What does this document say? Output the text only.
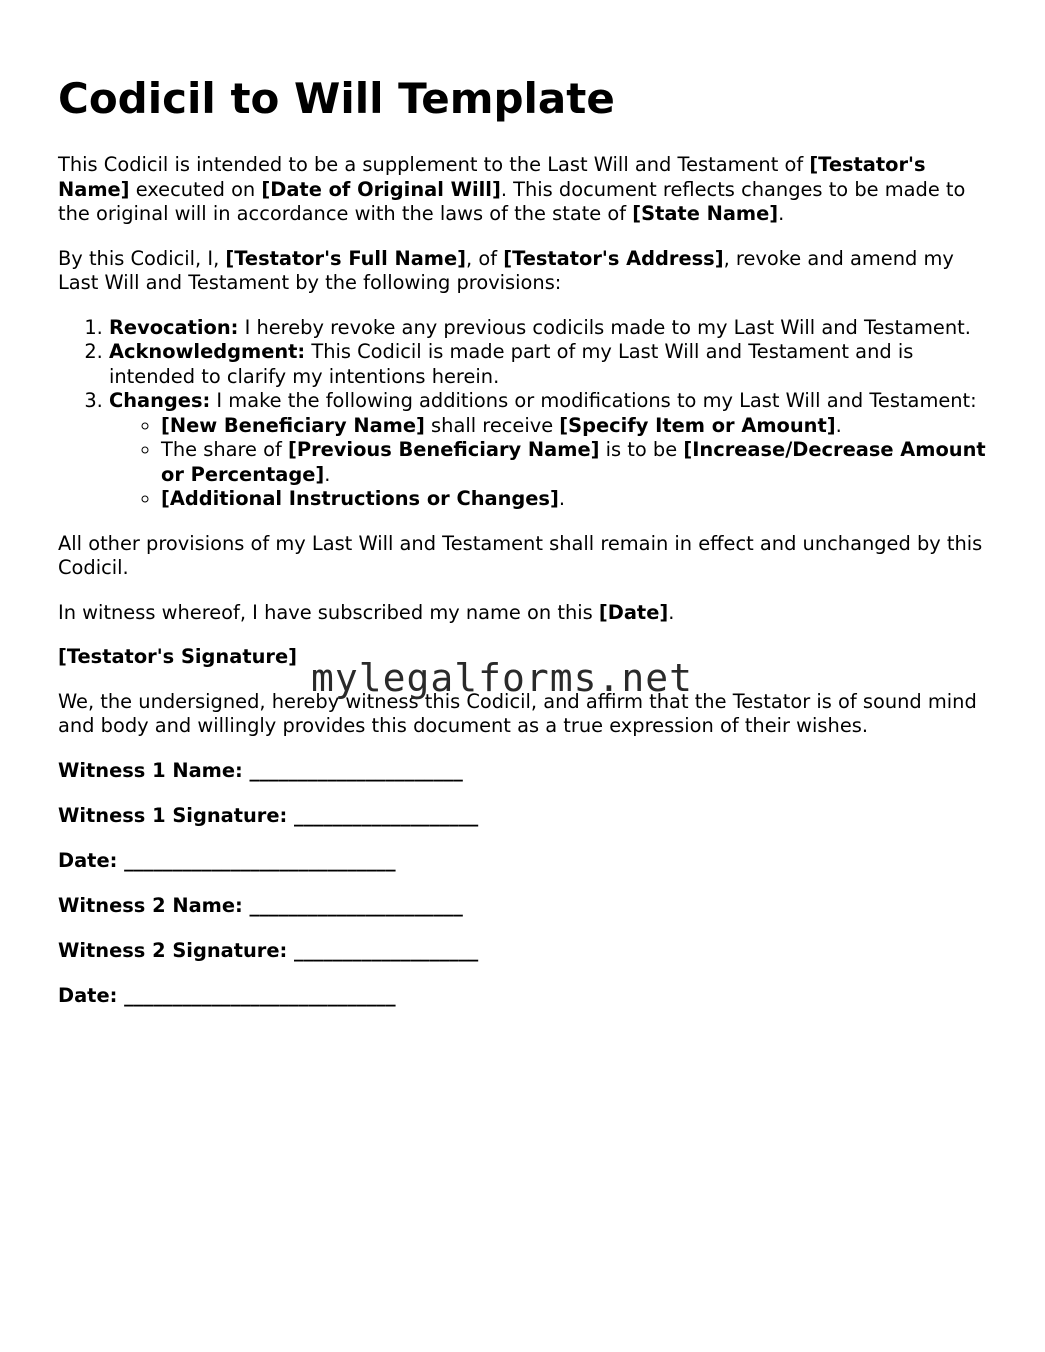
Codicil to Will Template

This Codicil is intended to be a supplement to the Last Will and Testament of [Testator's Name] executed on [Date of Original Will]. This document reflects changes to be made to the original will in accordance with the laws of the state of [State Name].

By this Codicil, I, [Testator's Full Name], of [Testator's Address], revoke and amend my Last Will and Testament by the following provisions:

1. Revocation: I hereby revoke any previous codicils made to my Last Will and Testament.
2. Acknowledgment: This Codicil is made part of my Last Will and Testament and is intended to clarify my intentions herein.
3. Changes: I make the following additions or modifications to my Last Will and Testament:
◦ [New Beneficiary Name] shall receive [Specify Item or Amount].
◦ The share of [Previous Beneficiary Name] is to be [Increase/Decrease Amount or Percentage].
◦ [Additional Instructions or Changes].

All other provisions of my Last Will and Testament shall remain in effect and unchanged by this Codicil.

In witness whereof, I have subscribed my name on this [Date].

[Testator's Signature]

We, the undersigned, hereby witness this Codicil, and affirm that the Testator is of sound mind and body and willingly provides this document as a true expression of their wishes.

Witness 1 Name: ______________________
Witness 1 Signature: ___________________
Date: ____________________________
Witness 2 Name: ______________________
Witness 2 Signature: ___________________
Date: ____________________________
mylegalforms.net
